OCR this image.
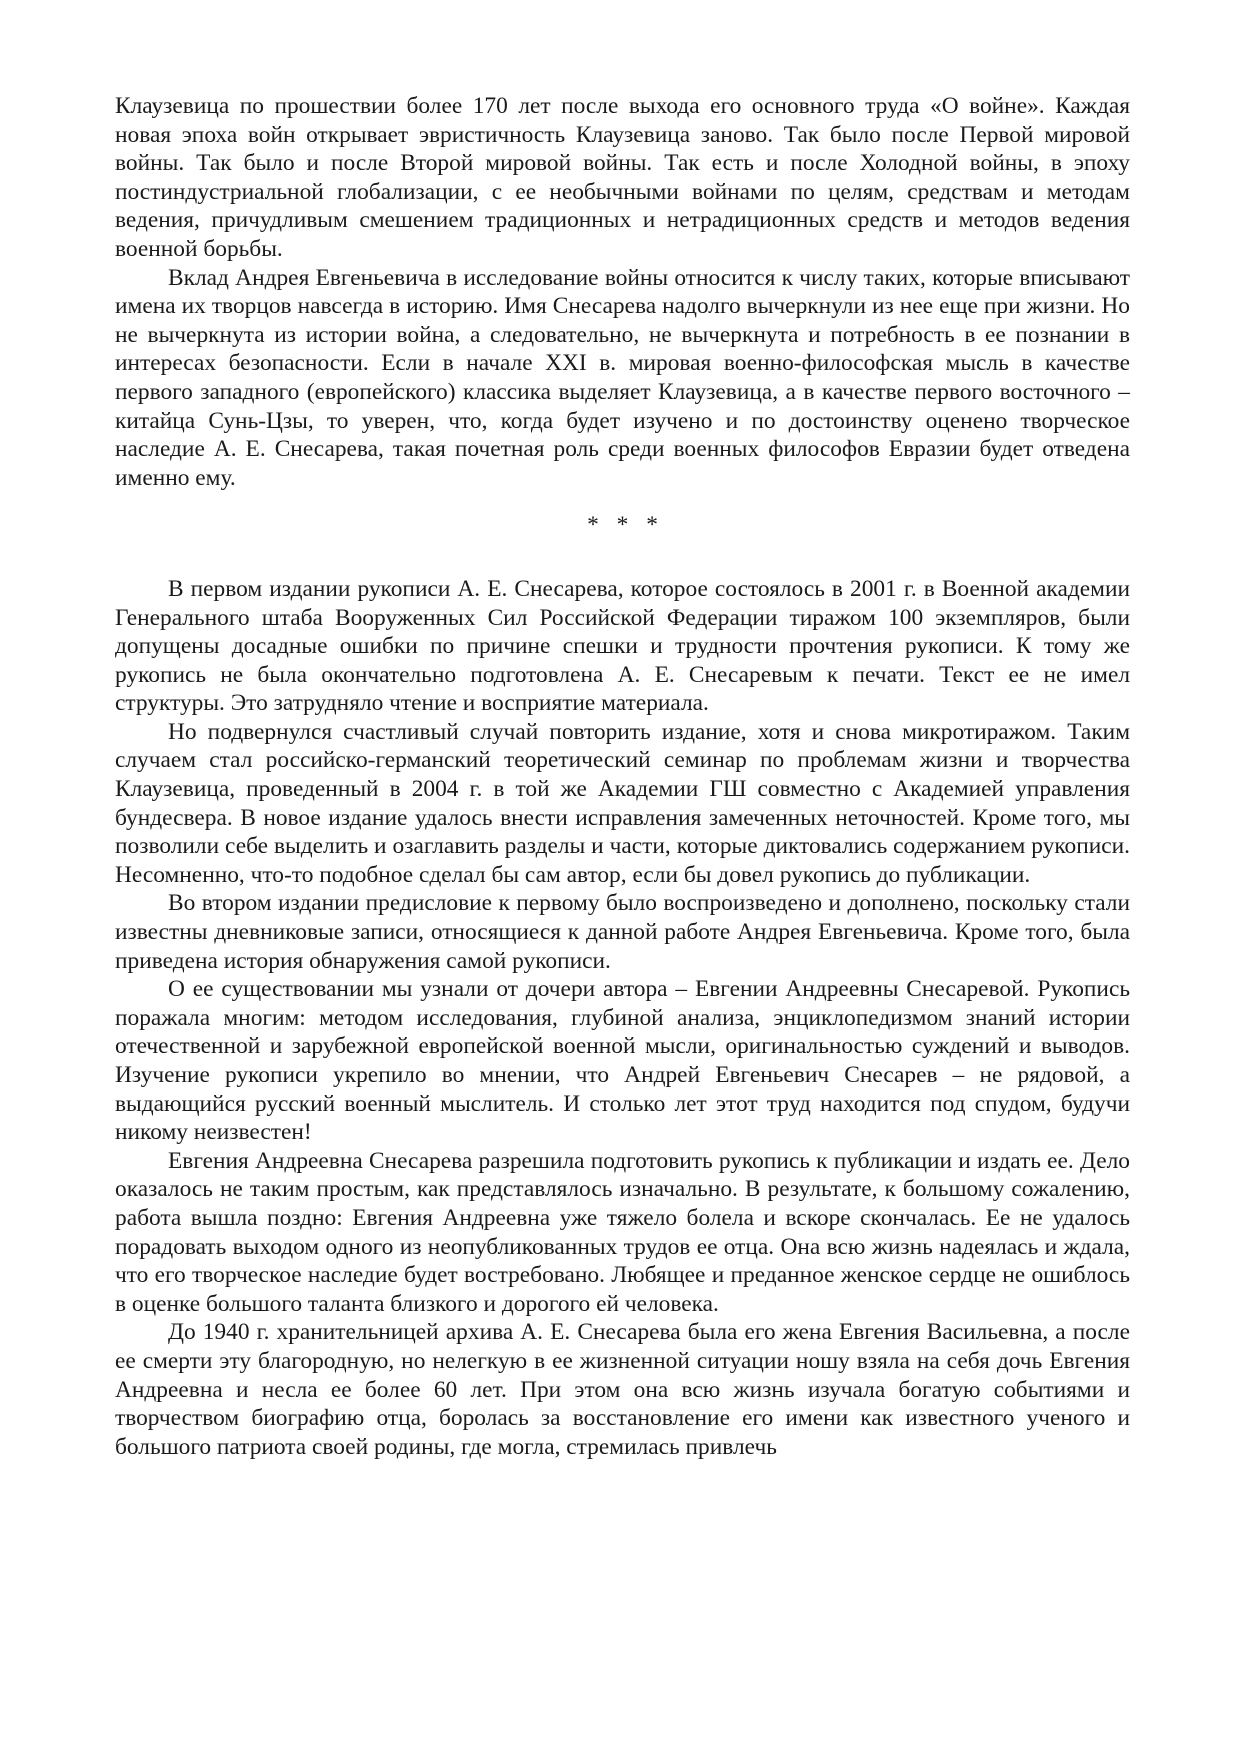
Клаузевица по прошествии более 170 лет после выхода его основного труда «О войне». Каждая новая эпоха войн открывает эвристичность Клаузевица заново. Так было после Первой мировой войны. Так было и после Второй мировой войны. Так есть и после Холодной войны, в эпоху постиндустриальной глобализации, с ее необычными войнами по целям, средствам и методам ведения, причудливым смешением традиционных и нетрадиционных средств и методов ведения военной борьбы.

Вклад Андрея Евгеньевича в исследование войны относится к числу таких, которые вписывают имена их творцов навсегда в историю. Имя Снесарева надолго вычеркнули из нее еще при жизни. Но не вычеркнута из истории война, а следовательно, не вычеркнута и потребность в ее познании в интересах безопасности. Если в начале XXI в. мировая военно-философская мысль в качестве первого западного (европейского) классика выделяет Клаузевица, а в качестве первого восточного – китайца Сунь-Цзы, то уверен, что, когда будет изучено и по достоинству оценено творческое наследие А. Е. Снесарева, такая почетная роль среди военных философов Евразии будет отведена именно ему.

* * *

В первом издании рукописи А. Е. Снесарева, которое состоялось в 2001 г. в Военной академии Генерального штаба Вооруженных Сил Российской Федерации тиражом 100 экземпляров, были допущены досадные ошибки по причине спешки и трудности прочтения рукописи. К тому же рукопись не была окончательно подготовлена А. Е. Снесаревым к печати. Текст ее не имел структуры. Это затрудняло чтение и восприятие материала.

Но подвернулся счастливый случай повторить издание, хотя и снова микротиражом. Таким случаем стал российско-германский теоретический семинар по проблемам жизни и творчества Клаузевица, проведенный в 2004 г. в той же Академии ГШ совместно с Академией управления бундесвера. В новое издание удалось внести исправления замеченных неточностей. Кроме того, мы позволили себе выделить и озаглавить разделы и части, которые диктовались содержанием рукописи. Несомненно, что-то подобное сделал бы сам автор, если бы довел рукопись до публикации.

Во втором издании предисловие к первому было воспроизведено и дополнено, поскольку стали известны дневниковые записи, относящиеся к данной работе Андрея Евгеньевича. Кроме того, была приведена история обнаружения самой рукописи.

О ее существовании мы узнали от дочери автора – Евгении Андреевны Снесаревой. Рукопись поражала многим: методом исследования, глубиной анализа, энциклопедизмом знаний истории отечественной и зарубежной европейской военной мысли, оригинальностью суждений и выводов. Изучение рукописи укрепило во мнении, что Андрей Евгеньевич Снесарев – не рядовой, а выдающийся русский военный мыслитель. И столько лет этот труд находится под спудом, будучи никому неизвестен!

Евгения Андреевна Снесарева разрешила подготовить рукопись к публикации и издать ее. Дело оказалось не таким простым, как представлялось изначально. В результате, к большому сожалению, работа вышла поздно: Евгения Андреевна уже тяжело болела и вскоре скончалась. Ее не удалось порадовать выходом одного из неопубликованных трудов ее отца. Она всю жизнь надеялась и ждала, что его творческое наследие будет востребовано. Любящее и преданное женское сердце не ошиблось в оценке большого таланта близкого и дорогого ей человека.

До 1940 г. хранительницей архива А. Е. Снесарева была его жена Евгения Васильевна, а после ее смерти эту благородную, но нелегкую в ее жизненной ситуации ношу взяла на себя дочь Евгения Андреевна и несла ее более 60 лет. При этом она всю жизнь изучала богатую событиями и творчеством биографию отца, боролась за восстановление его имени как известного ученого и большого патриота своей родины, где могла, стремилась привлечь
